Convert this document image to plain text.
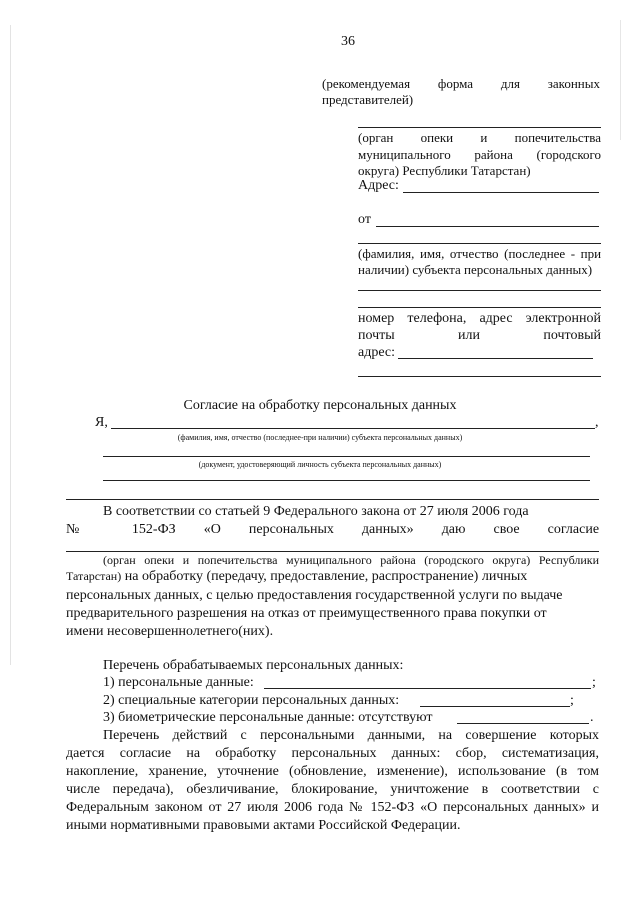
36
(рекомендуемая форма для законных
представителей)
(орган опеки и попечительства
муниципального района (городского
округа) Республики Татарстан)
Адрес:
от
(фамилия, имя, отчество (последнее - при
наличии) субъекта персональных данных)
номер телефона, адрес электронной
почты	или	почтовый
адрес:
Согласие на обработку персональных данных
Я,	,
(фамилия, имя, отчество (последнее-при наличии) субъекта персональных данных)
(документ, удостоверяющий личность субъекта персональных данных)
В соответствии со статьей 9 Федерального закона от 27 июля 2006 года
№ 152-ФЗ «О персональных данных» даю свое согласие
(орган опеки и попечительства муниципального района (городского округа) Республики
Татарстан) на обработку (передачу, предоставление, распространение) личных
персональных данных, с целью предоставления государственной услуги по выдаче
предварительного разрешения на отказ от преимущественного права покупки от
имени несовершеннолетнего(них).
Перечень обрабатываемых персональных данных:
1) персональные данные:	;
2) специальные категории персональных данных:	;
3) биометрические персональные данные: отсутствуют	.
Перечень действий с персональными данными, на совершение которых
дается согласие на обработку персональных данных: сбор, систематизация,
накопление, хранение, уточнение (обновление, изменение), использование (в том
числе передача), обезличивание, блокирование, уничтожение в соответствии с
Федеральным законом от 27 июля 2006 года № 152-ФЗ «О персональных данных» и
иными нормативными правовыми актами Российской Федерации.
